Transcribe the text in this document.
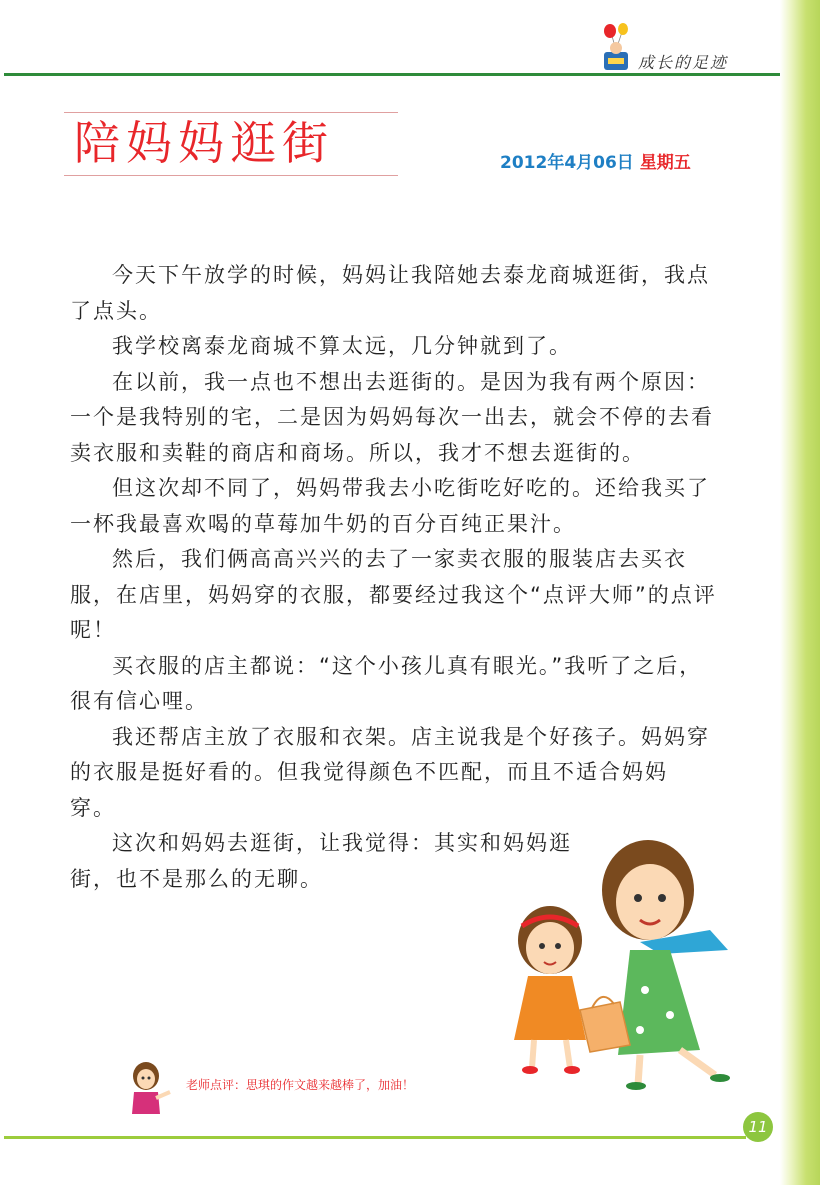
成长的足迹
陪妈妈逛街	2012年4月06日 星期五

今天下午放学的时候，妈妈让我陪她去泰龙商城逛街，我点了点头。

我学校离泰龙商城不算太远，几分钟就到了。

在以前，我一点也不想出去逛街的。是因为我有两个原因：一个是我特别的宅，二是因为妈妈每次一出去，就会不停的去看卖衣服和卖鞋的商店和商场。所以，我才不想去逛街的。

但这次却不同了，妈妈带我去小吃街吃好吃的。还给我买了一杯我最喜欢喝的草莓加牛奶的百分百纯正果汁。

然后，我们俩高高兴兴的去了一家卖衣服的服装店去买衣服，在店里，妈妈穿的衣服，都要经过我这个“点评大师”的点评呢！

买衣服的店主都说：“这个小孩儿真有眼光。”我听了之后，很有信心哩。

我还帮店主放了衣服和衣架。店主说我是个好孩子。妈妈穿的衣服是挺好看的。但我觉得颜色不匹配，而且不适合妈妈穿。

这次和妈妈去逛街，让我觉得：其实和妈妈逛街，也不是那么的无聊。

老师点评：思琪的作文越来越棒了，加油！
11
